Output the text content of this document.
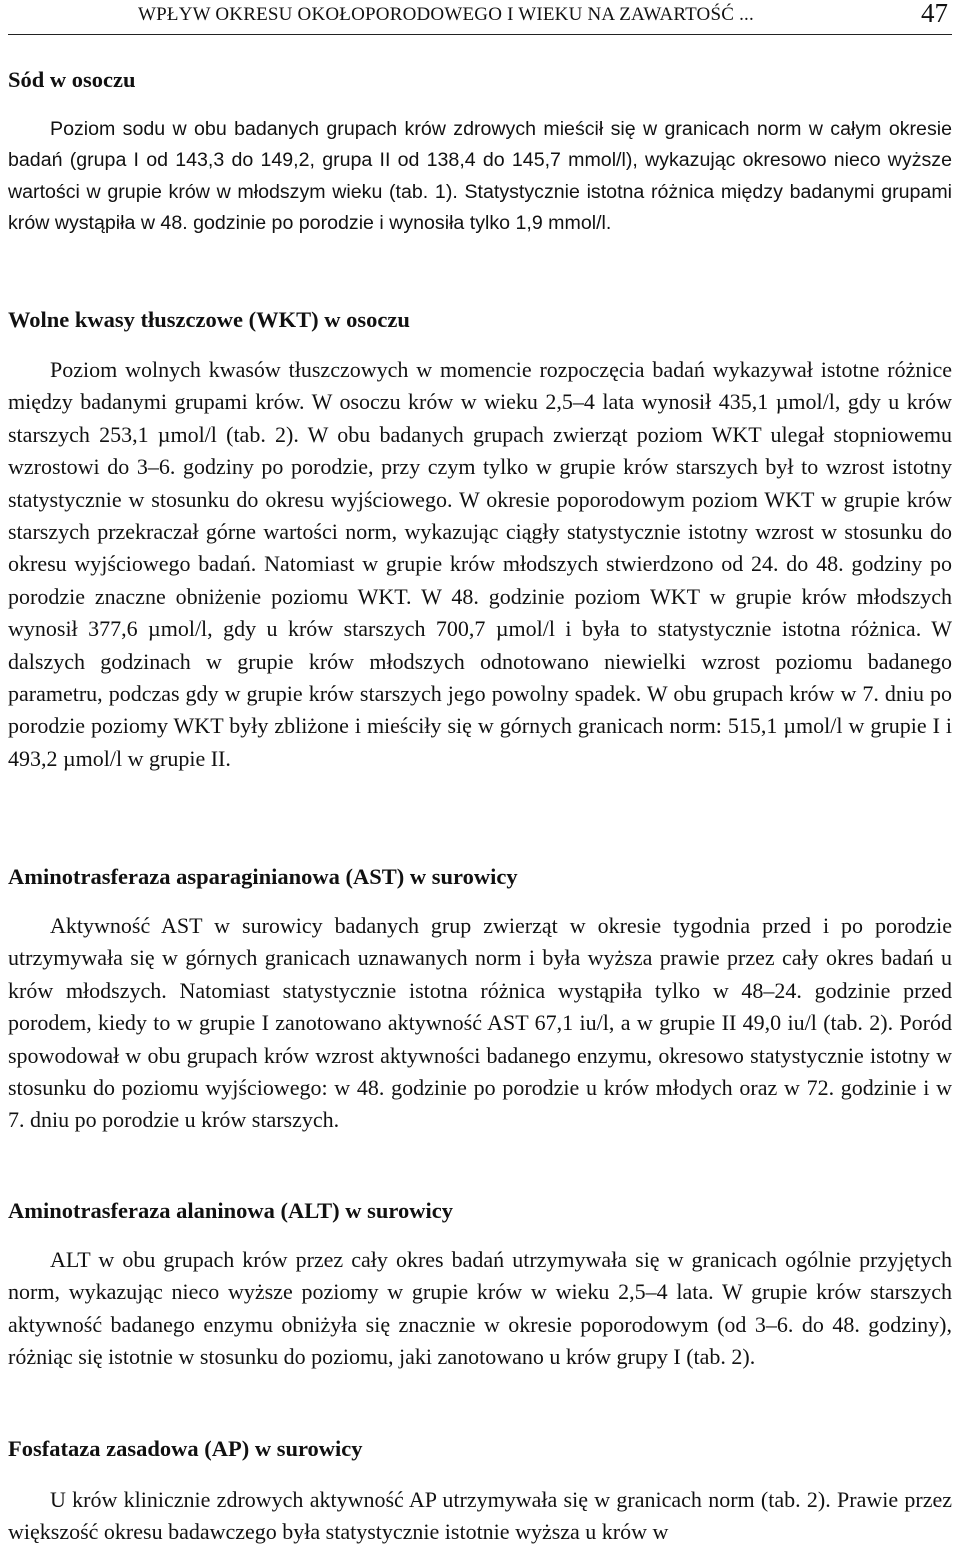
WPŁYW OKRESU OKOŁOPORODOWEGO I WIEKU NA ZAWARTOŚĆ ...	47
Sód w osoczu

Poziom sodu w obu badanych grupach krów zdrowych mieścił się w granicach norm w całym okresie badań (grupa I od 143,3 do 149,2, grupa II od 138,4 do 145,7 mmol/l), wykazując okresowo nieco wyższe wartości w grupie krów w młodszym wieku (tab. 1). Statystycznie istotna różnica między badanymi grupami krów wystąpiła w 48. godzinie po porodzie i wynosiła tylko 1,9 mmol/l.

Wolne kwasy tłuszczowe (WKT) w osoczu

Poziom wolnych kwasów tłuszczowych w momencie rozpoczęcia badań wykazywał istotne różnice między badanymi grupami krów. W osoczu krów w wieku 2,5–4 lata wynosił 435,1 µmol/l, gdy u krów starszych 253,1 µmol/l (tab. 2). W obu badanych grupach zwierząt poziom WKT ulegał stopniowemu wzrostowi do 3–6. godziny po porodzie, przy czym tylko w grupie krów starszych był to wzrost istotny statystycznie w stosunku do okresu wyjściowego. W okresie poporodowym poziom WKT w grupie krów starszych przekraczał górne wartości norm, wykazując ciągły statystycznie istotny wzrost w stosunku do okresu wyjściowego badań. Natomiast w grupie krów młodszych stwierdzono od 24. do 48. godziny po porodzie znaczne obniżenie poziomu WKT. W 48. godzinie poziom WKT w grupie krów młodszych wynosił 377,6 µmol/l, gdy u krów starszych 700,7 µmol/l i była to statystycznie istotna różnica. W dalszych godzinach w grupie krów młodszych odnotowano niewielki wzrost poziomu badanego parametru, podczas gdy w grupie krów starszych jego powolny spadek. W obu grupach krów w 7. dniu po porodzie poziomy WKT były zbliżone i mieściły się w górnych granicach norm: 515,1 µmol/l w grupie I i 493,2 µmol/l w grupie II.

Aminotrasferaza asparaginianowa (AST) w surowicy

Aktywność AST w surowicy badanych grup zwierząt w okresie tygodnia przed i po porodzie utrzymywała się w górnych granicach uznawanych norm i była wyższa prawie przez cały okres badań u krów młodszych. Natomiast statystycznie istotna różnica wystąpiła tylko w 48–24. godzinie przed porodem, kiedy to w grupie I zanotowano aktywność AST 67,1 iu/l, a w grupie II 49,0 iu/l (tab. 2). Poród spowodował w obu grupach krów wzrost aktywności badanego enzymu, okresowo statystycznie istotny w stosunku do poziomu wyjściowego: w 48. godzinie po porodzie u krów młodych oraz w 72. godzinie i w 7. dniu po porodzie u krów starszych.

Aminotrasferaza alaninowa (ALT) w surowicy

ALT w obu grupach krów przez cały okres badań utrzymywała się w granicach ogólnie przyjętych norm, wykazując nieco wyższe poziomy w grupie krów w wieku 2,5–4 lata. W grupie krów starszych aktywność badanego enzymu obniżyła się znacznie w okresie poporodowym (od 3–6. do 48. godziny), różniąc się istotnie w stosunku do poziomu, jaki zanotowano u krów grupy I (tab. 2).

Fosfataza zasadowa (AP) w surowicy

U krów klinicznie zdrowych aktywność AP utrzymywała się w granicach norm (tab. 2). Prawie przez większość okresu badawczego była statystycznie istotnie wyższa u krów w
